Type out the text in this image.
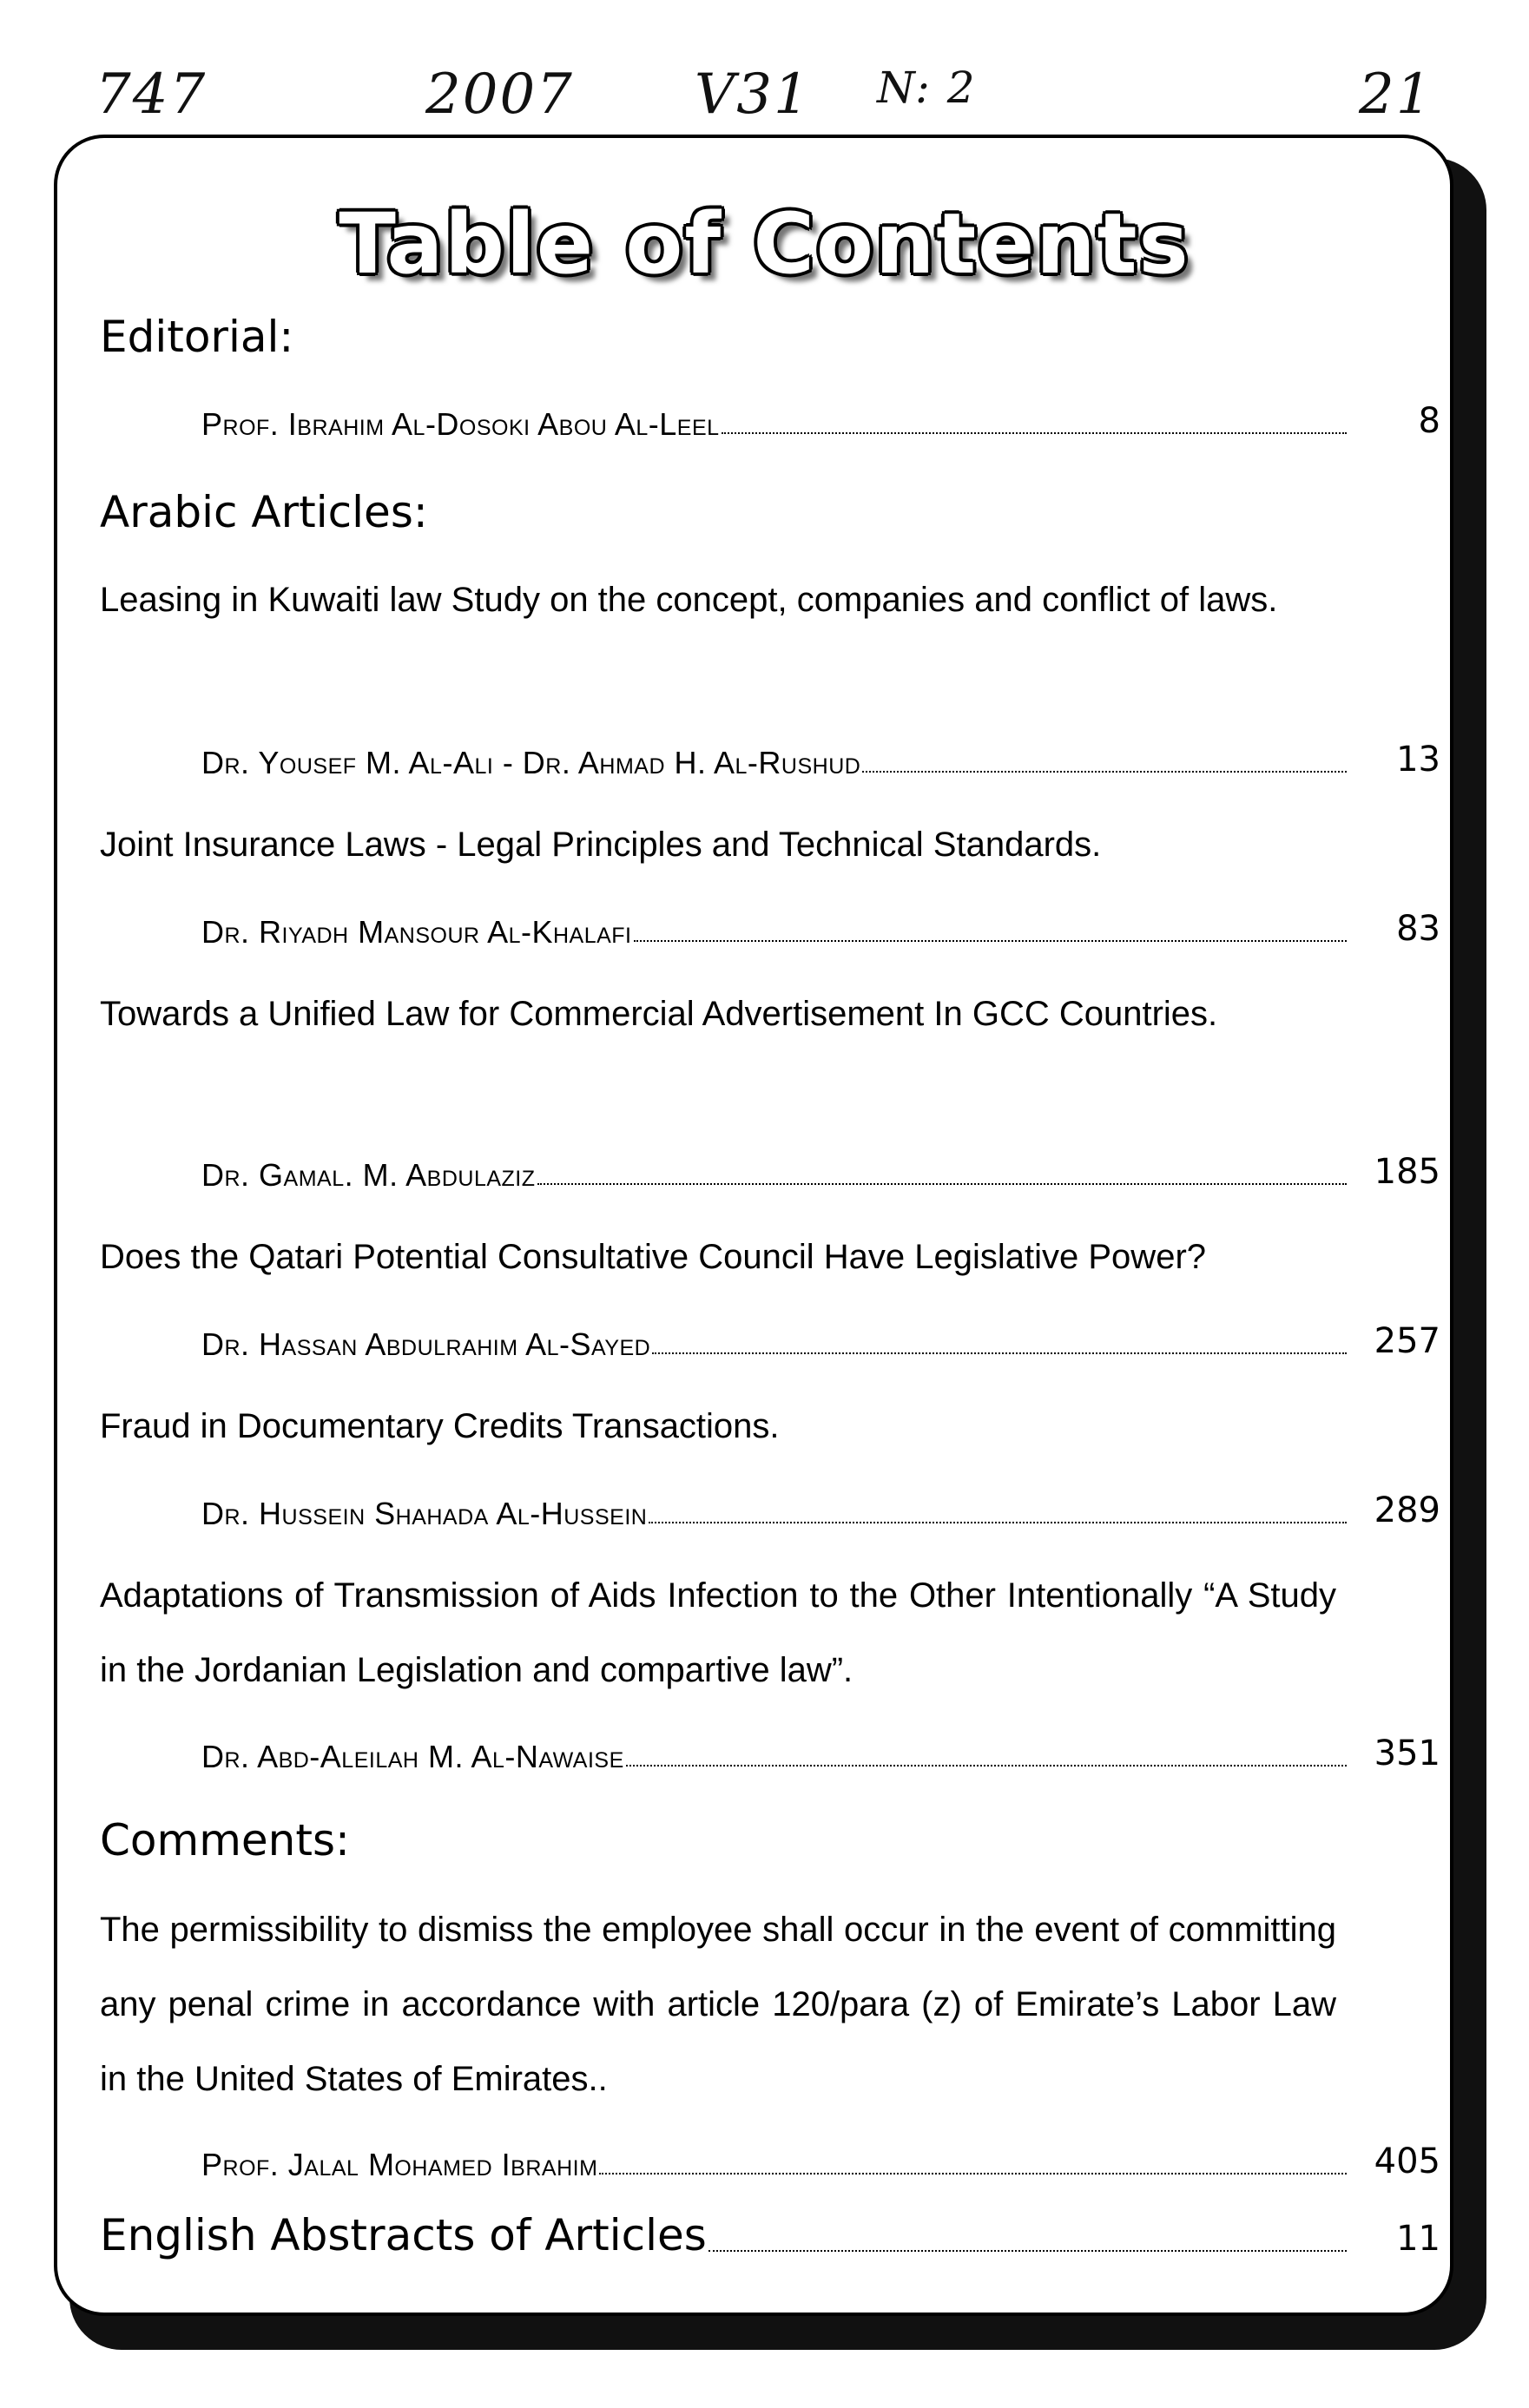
747	2007 V31 N: 2	21
Table of Contents
Editorial:
Prof. Ibrahim Al-Dosoki Abou Al-Leel	8
Arabic Articles:
Leasing in Kuwaiti law Study on the concept, companies and conflict of laws.
Dr. Yousef M. Al-Ali - Dr. Ahmad H. Al-Rushud	13
Joint Insurance Laws - Legal Principles and Technical Standards.
Dr. Riyadh Mansour Al-Khalafi	83
Towards a Unified Law for Commercial Advertisement In GCC Countries.
Dr. Gamal. M. Abdulaziz	185
Does the Qatari Potential Consultative Council Have Legislative Power?
Dr. Hassan Abdulrahim Al-Sayed	257
Fraud in Documentary Credits Transactions.
Dr. Hussein Shahada Al-Hussein	289
Adaptations of Transmission of Aids Infection to the Other Intentionally “A Study in the Jordanian Legislation and compartive law”.
Dr. Abd-Aleilah M. Al-Nawaise	351
Comments:
The permissibility to dismiss the employee shall occur in the event of committing any penal crime in accordance with article 120/para (z) of Emirate’s Labor Law in the United States of Emirates..
Prof. Jalal Mohamed Ibrahim	405
English Abstracts of Articles	11
